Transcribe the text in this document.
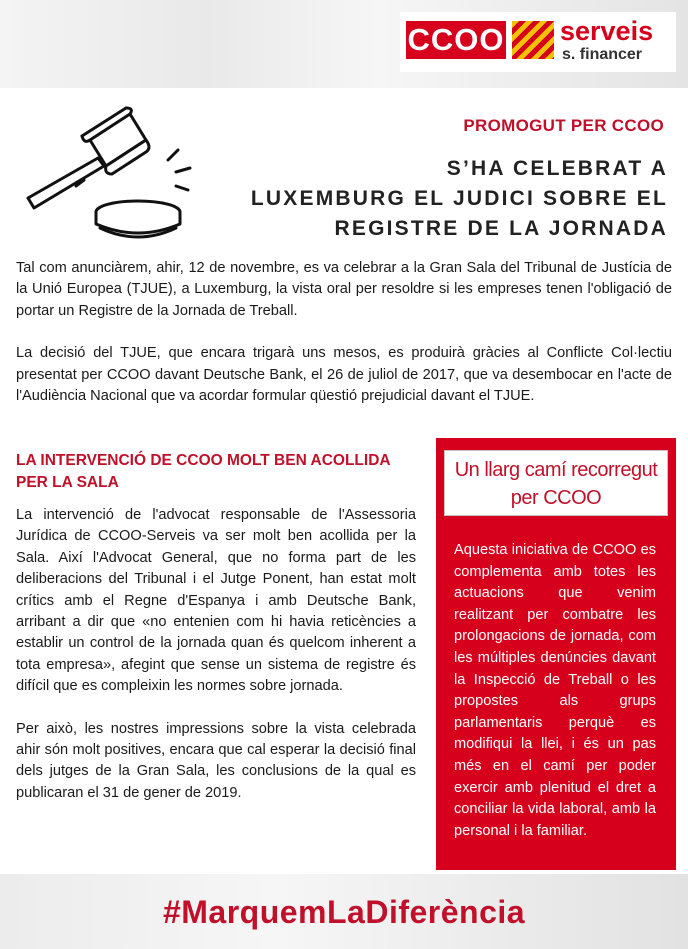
CCOO serveis
s. financer
PROMOGUT PER CCOO
S’HA CELEBRAT A
LUXEMBURG EL JUDICI SOBRE EL
REGISTRE DE LA JORNADA

Tal com anunciàrem, ahir, 12 de novembre, es va celebrar a la Gran Sala del Tribunal de Justícia de la Unió Europea (TJUE), a Luxemburg, la vista oral per resoldre si les empreses tenen l'obligació de portar un Registre de la Jornada de Treball.

La decisió del TJUE, que encara trigarà uns mesos, es produirà gràcies al Conflicte Col·lectiu presentat per CCOO davant Deutsche Bank, el 26 de juliol de 2017, que va desembocar en l'acte de l'Audiència Nacional que va acordar formular qüestió prejudicial davant el TJUE.

LA INTERVENCIÓ DE CCOO MOLT BEN ACOLLIDA PER LA SALA

La intervenció de l'advocat responsable de l'Assessoria Jurídica de CCOO-Serveis va ser molt ben acollida per la Sala. Així l'Advocat General, que no forma part de les deliberacions del Tribunal i el Jutge Ponent, han estat molt crítics amb el Regne d'Espanya i amb Deutsche Bank, arribant a dir que «no entenien com hi havia reticències a establir un control de la jornada quan és quelcom inherent a tota empresa», afegint que sense un sistema de registre és difícil que es compleixin les normes sobre jornada.

Per això, les nostres impressions sobre la vista celebrada ahir són molt positives, encara que cal esperar la decisió final dels jutges de la Gran Sala, les conclusions de la qual es publicaran el 31 de gener de 2019.

Un llarg camí recorregut
per CCOO
Aquesta iniciativa de CCOO es complementa amb totes les actuacions que venim realitzant per combatre les prolongacions de jornada, com les múltiples denúncies davant la Inspecció de Treball o les propostes als grups parlamentaris perquè es modifiqui la llei, i és un pas més en el camí per poder exercir amb plenitud el dret a conciliar la vida laboral, amb la personal i la familiar.
#MarquemLaDiferència
